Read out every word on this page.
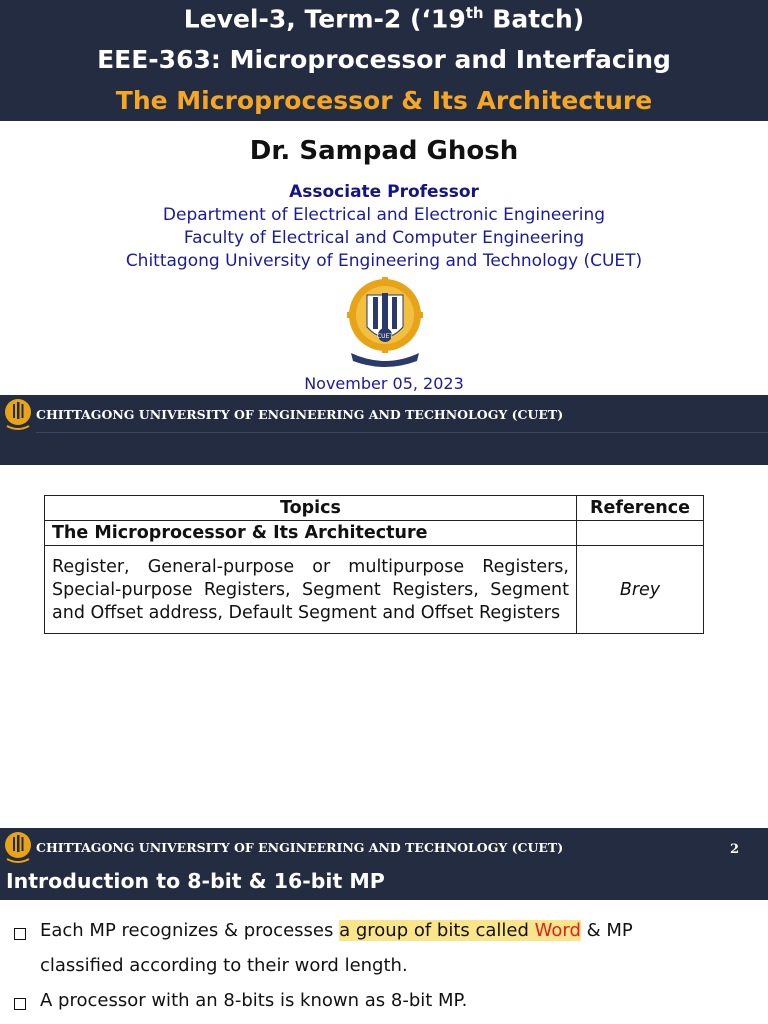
Level-3, Term-2 (‘19th Batch)
EEE-363: Microprocessor and Interfacing
The Microprocessor & Its Architecture
Dr. Sampad Ghosh
Associate Professor
Department of Electrical and Electronic Engineering
Faculty of Electrical and Computer Engineering
Chittagong University of Engineering and Technology (CUET)
CUET
November 05, 2023
CHITTAGONG UNIVERSITY OF ENGINEERING AND TECHNOLOGY (CUET)
Topics	Reference
The Microprocessor & Its Architecture	
Register, General-purpose or multipurpose Registers, Special-purpose Registers, Segment Registers, Segment and Offset address, Default Segment and Offset Registers	Brey
CHITTAGONG UNIVERSITY OF ENGINEERING AND TECHNOLOGY (CUET)	2
Introduction to 8-bit & 16-bit MP
Each MP recognizes & processes a group of bits called Word & MP
classified according to their word length.
A processor with an 8-bits is known as 8-bit MP.
